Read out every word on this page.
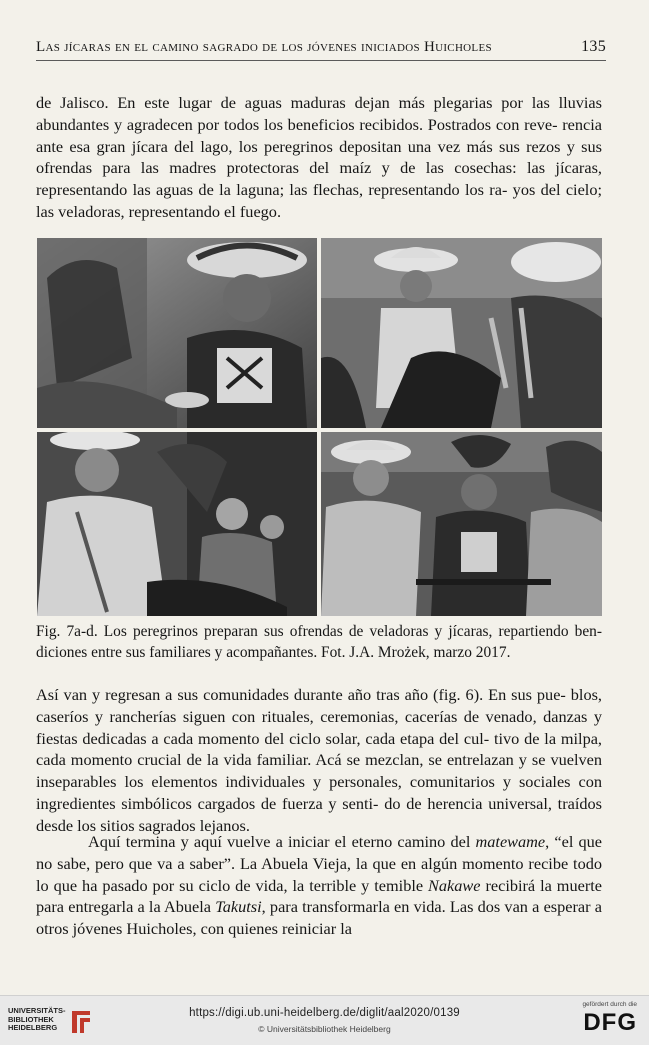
Las jícaras en el camino sagrado de los jóvenes iniciados Huicholes	135

de Jalisco. En este lugar de aguas maduras dejan más plegarias por las lluvias abundantes y agradecen por todos los beneficios recibidos. Postrados con reve- rencia ante esa gran jícara del lago, los peregrinos depositan una vez más sus rezos y sus ofrendas para las madres protectoras del maíz y de las cosechas: las jícaras, representando las aguas de la laguna; las flechas, representando los ra- yos del cielo; las veladoras, representando el fuego.

Fig. 7a-d. Los peregrinos preparan sus ofrendas de veladoras y jícaras, repartiendo ben- diciones entre sus familiares y acompañantes. Fot. J.A. Mrożek, marzo 2017.

Así van y regresan a sus comunidades durante año tras año (fig. 6). En sus pue- blos, caseríos y rancherías siguen con rituales, ceremonias, cacerías de venado, danzas y fiestas dedicadas a cada momento del ciclo solar, cada etapa del cul- tivo de la milpa, cada momento crucial de la vida familiar. Acá se mezclan, se entrelazan y se vuelven inseparables los elementos individuales y personales, comunitarios y sociales con ingredientes simbólicos cargados de fuerza y senti- do de herencia universal, traídos desde los sitios sagrados lejanos.

Aquí termina y aquí vuelve a iniciar el eterno camino del matewame, “el que no sabe, pero que va a saber”. La Abuela Vieja, la que en algún momento recibe todo lo que ha pasado por su ciclo de vida, la terrible y temible Nakawe recibirá la muerte para entregarla a la Abuela Takutsi, para transformarla en vida. Las dos van a esperar a otros jóvenes Huicholes, con quienes reiniciar la

UNIVERSITÄTS-
BIBLIOTHEK
HEIDELBERG
https://digi.ub.uni-heidelberg.de/diglit/aal2020/0139
© Universitätsbibliothek Heidelberg
gefördert durch die
DFG
